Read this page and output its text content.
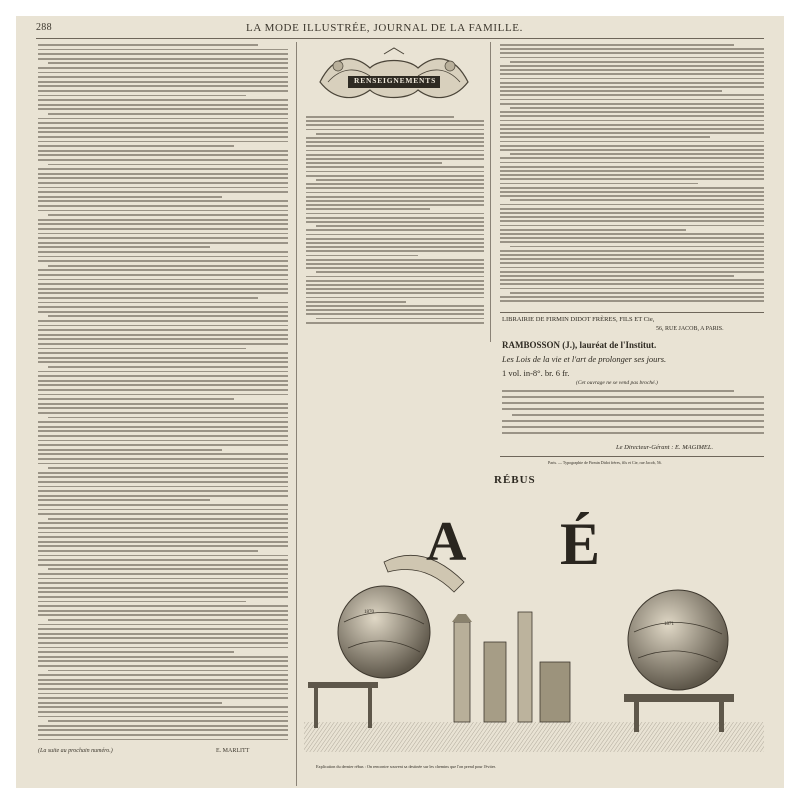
288	LA MODE ILLUSTRÉE, JOURNAL DE LA FAMILLE.
(La suite au prochain numéro.)	E. MARLITT
RENSEIGNEMENTS
LIBRAIRIE DE FIRMIN DIDOT FRÈRES, FILS ET Cie,
56, RUE JACOB, A PARIS.
RAMBOSSON (J.), lauréat de l'Institut.
Les Lois de la vie et l'art de prolonger ses jours.
1 vol. in-8°. br. 6 fr.
(Cet ouvrage ne se vend pas broché.)
Le Directeur-Gérant : E. MAGIMEL.
Paris. — Typographie de Firmin Didot frères, fils et Cie, rue Jacob, 56.
A É
RÉBUS
1870
1871
Explication du dernier rébus : On rencontre souvent sa destinée sur les chemins que l'on prend pour l'éviter.
